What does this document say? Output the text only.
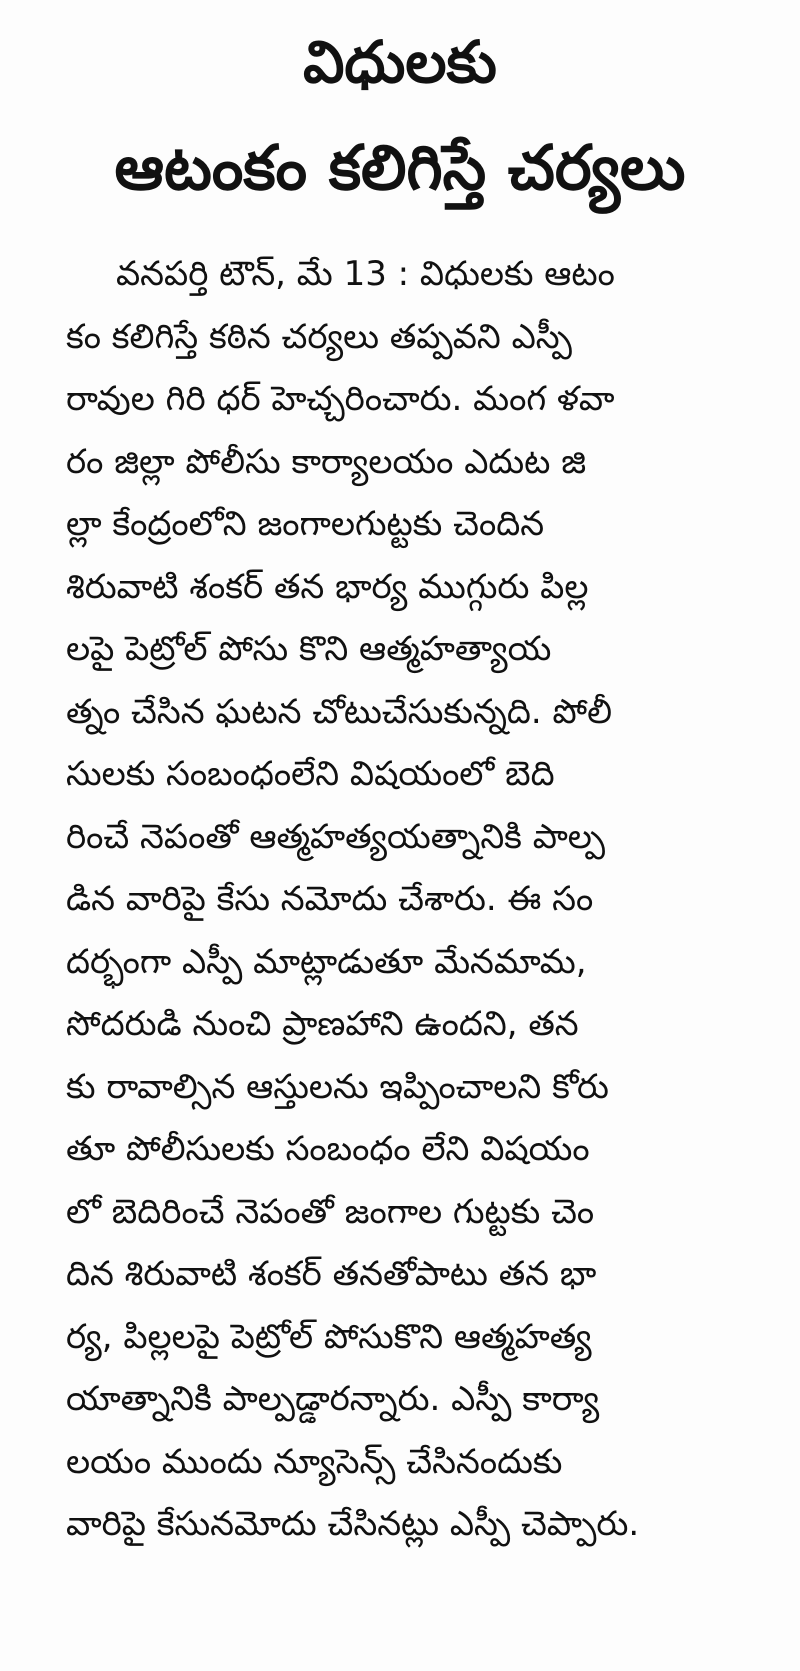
విధులకు
ఆటంకం కలిగిస్తే చర్యలు
వనపర్తి టౌన్, మే 13 : విధులకు ఆటం
కం కలిగిస్తే కఠిన చర్యలు తప్పవని ఎస్పీ
రావుల గిరి ధర్ హెచ్చరించారు. మంగ ళవా
రం జిల్లా పోలీసు కార్యాలయం ఎదుట జి
ల్లా కేంద్రంలోని జంగాలగుట్టకు చెందిన
శిరువాటి శంకర్ తన భార్య ముగ్గురు పిల్ల
లపై పెట్రోల్ పోసు కొని ఆత్మహత్యాయ
త్నం చేసిన ఘటన చోటుచేసుకున్నది. పోలీ
సులకు సంబంధంలేని విషయంలో బెది
రించే నెపంతో ఆత్మహత్యయత్నానికి పాల్ప
డిన వారిపై కేసు నమోదు చేశారు. ఈ సం
దర్భంగా ఎస్పీ మాట్లాడుతూ మేనమామ,
సోదరుడి నుంచి ప్రాణహాని ఉందని, తన
కు రావాల్సిన ఆస్తులను ఇప్పించాలని కోరు
తూ పోలీసులకు సంబంధం లేని విషయం
లో బెదిరించే నెపంతో జంగాల గుట్టకు చెం
దిన శిరువాటి శంకర్ తనతోపాటు తన భా
ర్య, పిల్లలపై పెట్రోల్ పోసుకొని ఆత్మహత్య
యాత్నానికి పాల్పడ్డారన్నారు. ఎస్పీ కార్యా
లయం ముందు న్యూసెన్స్ చేసినందుకు
వారిపై కేసునమోదు చేసినట్లు ఎస్పీ చెప్పారు.
